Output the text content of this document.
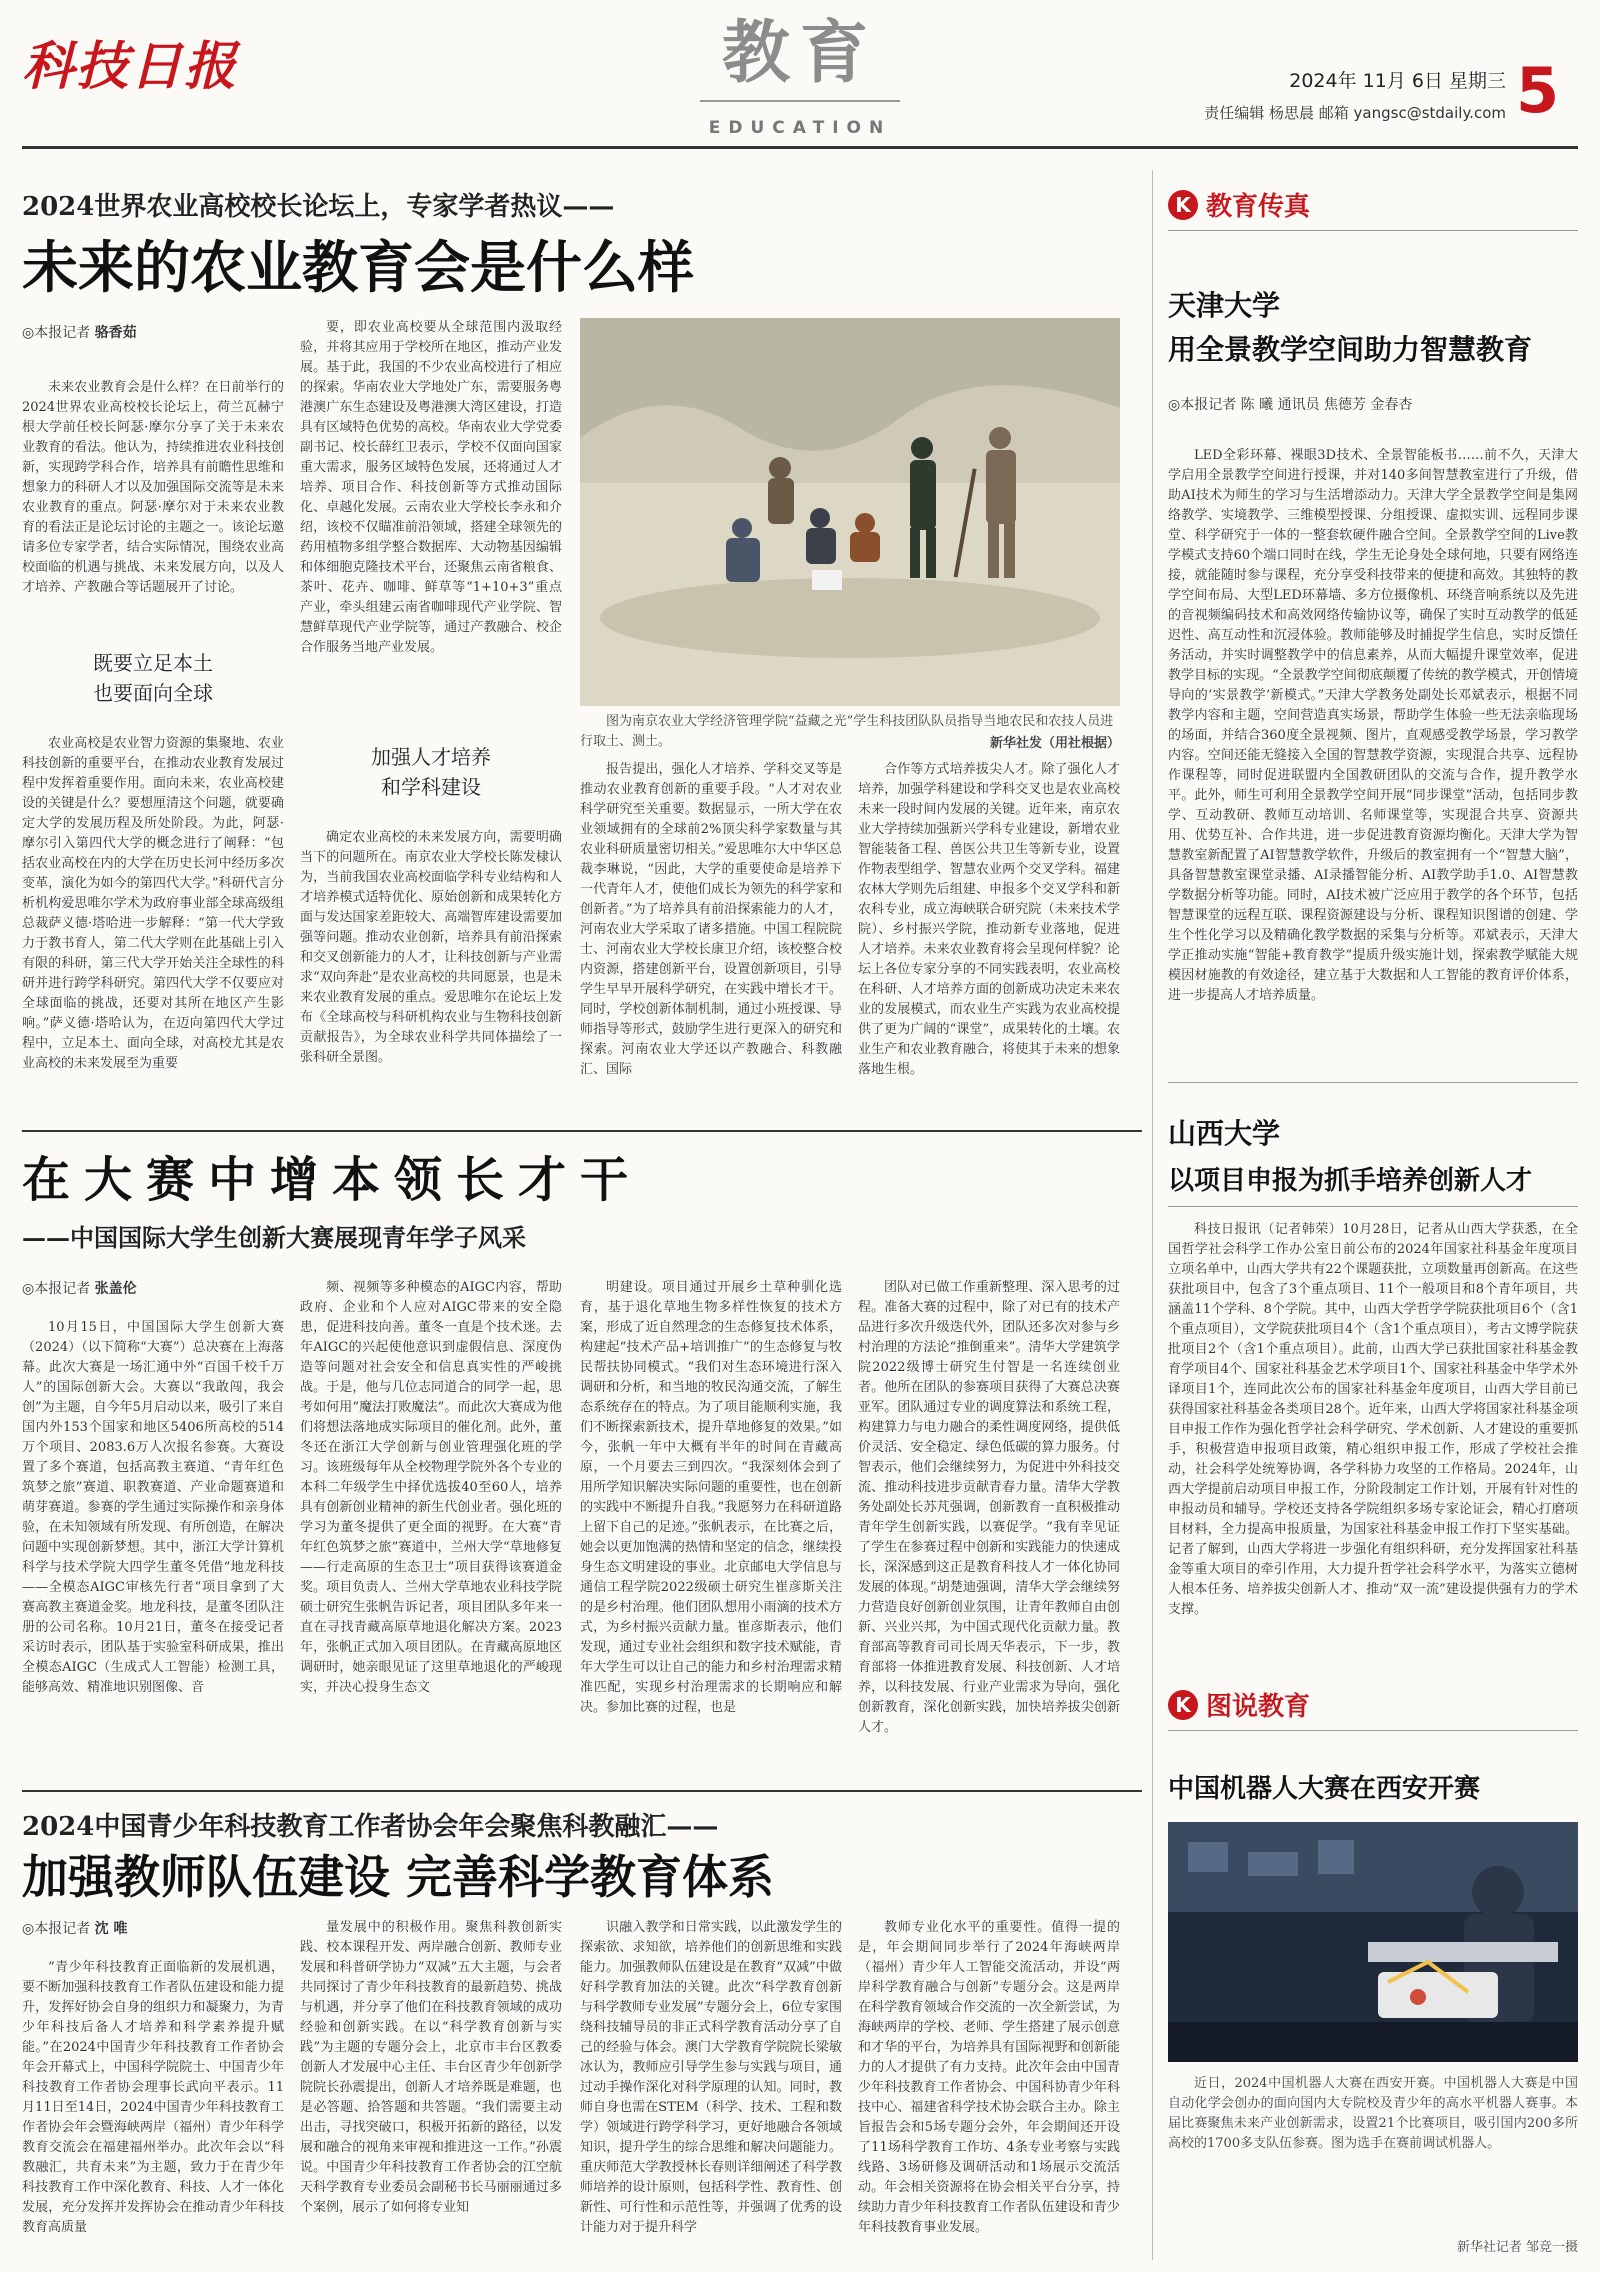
科技日报	教育
EDUCATION
2024年 11月 6日 星期三
责任编辑 杨思晨 邮箱 yangsc@stdaily.com 5
2024世界农业高校校长论坛上，专家学者热议——
未来的农业教育会是什么样
◎本报记者 骆香茹
未来农业教育会是什么样？在日前举行的2024世界农业高校校长论坛上，荷兰瓦赫宁根大学前任校长阿瑟·摩尔分享了关于未来农业教育的看法。他认为，持续推进农业科技创新，实现跨学科合作，培养具有前瞻性思维和想象力的科研人才以及加强国际交流等是未来农业教育的重点。阿瑟·摩尔对于未来农业教育的看法正是论坛讨论的主题之一。该论坛邀请多位专家学者，结合实际情况，围绕农业高校面临的机遇与挑战、未来发展方向，以及人才培养、产教融合等话题展开了讨论。
既要立足本土
也要面向全球
农业高校是农业智力资源的集聚地、农业科技创新的重要平台，在推动农业教育发展过程中发挥着重要作用。面向未来，农业高校建设的关键是什么？要想厘清这个问题，就要确定大学的发展历程及所处阶段。为此，阿瑟·摩尔引入第四代大学的概念进行了阐释：“包括农业高校在内的大学在历史长河中经历多次变革，演化为如今的第四代大学。”科研代言分析机构爱思唯尔学术为政府事业部全球高级组总裁萨义德·塔哈进一步解释：“第一代大学致力于教书育人，第二代大学则在此基础上引入有限的科研，第三代大学开始关注全球性的科研并进行跨学科研究。第四代大学不仅要应对全球面临的挑战，还要对其所在地区产生影响。”萨义德·塔哈认为，在迈向第四代大学过程中，立足本土、面向全球，对高校尤其是农业高校的未来发展至为重要
要，即农业高校要从全球范围内汲取经验，并将其应用于学校所在地区，推动产业发展。基于此，我国的不少农业高校进行了相应的探索。华南农业大学地处广东，需要服务粤港澳广东生态建设及粤港澳大湾区建设，打造具有区域特色优势的高校。华南农业大学党委副书记、校长薛红卫表示，学校不仅面向国家重大需求，服务区域特色发展，还将通过人才培养、项目合作、科技创新等方式推动国际化、卓越化发展。云南农业大学校长李永和介绍，该校不仅瞄准前沿领域，搭建全球领先的药用植物多组学整合数据库、大动物基因编辑和体细胞克隆技术平台，还聚焦云南省粮食、茶叶、花卉、咖啡、鲜草等“1+10+3”重点产业，牵头组建云南省咖啡现代产业学院、智慧鲜草现代产业学院等，通过产教融合、校企合作服务当地产业发展。
加强人才培养
和学科建设
确定农业高校的未来发展方向，需要明确当下的问题所在。南京农业大学校长陈发棣认为，当前我国农业高校面临学科专业结构和人才培养模式适特优化、原始创新和成果转化方面与发达国家差距较大、高端智库建设需要加强等问题。推动农业创新，培养具有前沿探索和交叉创新能力的人才，让科技创新与产业需求“双向奔赴”是农业高校的共同愿景，也是未来农业教育发展的重点。爱思唯尔在论坛上发布《全球高校与科研机构农业与生物科技创新贡献报告》，为全球农业科学共同体描绘了一张科研全景图。
图为南京农业大学经济管理学院“益藏之光”学生科技团队队员指导当地农民和农技人员进行取土、测土。	新华社发（用社根据）
报告提出，强化人才培养、学科交叉等是推动农业教育创新的重要手段。“人才对农业科学研究至关重要。数据显示，一所大学在农业领域拥有的全球前2%顶尖科学家数量与其农业科研质量密切相关。”爱思唯尔大中华区总裁李琳说，“因此，大学的重要使命是培养下一代青年人才，使他们成长为领先的科学家和创新者。”为了培养具有前沿探索能力的人才，河南农业大学采取了诸多措施。中国工程院院士、河南农业大学校长康卫介绍，该校整合校内资源，搭建创新平台，设置创新项目，引导学生早早开展科学研究，在实践中增长才干。同时，学校创新体制机制，通过小班授课、导师指导等形式，鼓励学生进行更深入的研究和探索。河南农业大学还以产教融合、科教融汇、国际
合作等方式培养拔尖人才。除了强化人才培养，加强学科建设和学科交叉也是农业高校未来一段时间内发展的关键。近年来，南京农业大学持续加强新兴学科专业建设，新增农业智能装备工程、兽医公共卫生等新专业，设置作物表型组学、智慧农业两个交叉学科。福建农林大学则先后组建、申报多个交叉学科和新农科专业，成立海峡联合研究院（未来技术学院）、乡村振兴学院，推动新专业落地，促进人才培养。未来农业教育将会呈现何样貌？论坛上各位专家分享的不同实践表明，农业高校在科研、人才培养方面的创新成功决定未来农业的发展模式，而农业生产实践为农业高校提供了更为广阔的“课堂”，成果转化的土壤。农业生产和农业教育融合，将使其于未来的想象落地生根。
在大赛中增本领长才干
——中国国际大学生创新大赛展现青年学子风采
◎本报记者 张盖伦
10月15日，中国国际大学生创新大赛（2024）（以下简称“大赛”）总决赛在上海落幕。此次大赛是一场汇通中外“百国千校千万人”的国际创新大会。大赛以“我敢闯，我会创”为主题，自今年5月启动以来，吸引了来自国内外153个国家和地区5406所高校的514万个项目、2083.6万人次报名参赛。大赛设置了多个赛道，包括高教主赛道、“青年红色筑梦之旅”赛道、职教赛道、产业命题赛道和萌芽赛道。参赛的学生通过实际操作和亲身体验，在未知领域有所发现、有所创造，在解决问题中实现创新梦想。其中，浙江大学计算机科学与技术学院大四学生董冬凭借“地龙科技——全模态AIGC审核先行者”项目拿到了大赛高教主赛道金奖。地龙科技，是董冬团队注册的公司名称。10月21日，董冬在接受记者采访时表示，团队基于实验室科研成果，推出全模态AIGC（生成式人工智能）检测工具，能够高效、精准地识别图像、音
频、视频等多种模态的AIGC内容，帮助政府、企业和个人应对AIGC带来的安全隐患，促进科技向善。董冬一直是个技术迷。去年AIGC的兴起使他意识到虚假信息、深度伪造等问题对社会安全和信息真实性的严峻挑战。于是，他与几位志同道合的同学一起，思考如何用“魔法打败魔法”。而此次大赛成为他们将想法落地成实际项目的催化剂。此外，董冬还在浙江大学创新与创业管理强化班的学习。该班级每年从全校物理学院外各个专业的本科二年级学生中择优选拔40至60人，培养具有创新创业精神的新生代创业者。强化班的学习为董冬提供了更全面的视野。在大赛“青年红色筑梦之旅”赛道中，兰州大学“草地修复——行走高原的生态卫士”项目获得该赛道金奖。项目负责人、兰州大学草地农业科技学院硕士研究生张帆告诉记者，项目团队多年来一直在寻找青藏高原草地退化解决方案。2023年，张帆正式加入项目团队。在青藏高原地区调研时，她亲眼见证了这里草地退化的严峻现实，并决心投身生态文
明建设。项目通过开展乡土草种驯化选育，基于退化草地生物多样性恢复的技术方案，形成了近自然理念的生态修复技术体系，构建起“技术产品+培训推广”的生态修复与牧民帮扶协同模式。“我们对生态环境进行深入调研和分析，和当地的牧民沟通交流，了解生态系统存在的特点。为了项目能顺利实施，我们不断探索新技术，提升草地修复的效果。”如今，张帆一年中大概有半年的时间在青藏高原，一个月要去三到四次。“我深刻体会到了用所学知识解决实际问题的重要性，也在创新的实践中不断提升自我。”我愿努力在科研道路上留下自己的足迹。”张帆表示，在比赛之后，她会以更加饱满的热情和坚定的信念，继续投身生态文明建设的事业。北京邮电大学信息与通信工程学院2022级硕士研究生崔彦斯关注的是乡村治理。他们团队想用小雨滴的技术方式，为乡村振兴贡献力量。崔彦斯表示，他们发现，通过专业社会组织和数字技术赋能，青年大学生可以让自己的能力和乡村治理需求精准匹配，实现乡村治理需求的长期响应和解决。参加比赛的过程，也是
团队对已做工作重新整理、深入思考的过程。准备大赛的过程中，除了对已有的技术产品进行多次升级迭代外，团队还多次对参与乡村治理的方法论“推倒重来”。清华大学建筑学院2022级博士研究生付智是一名连续创业者。他所在团队的参赛项目获得了大赛总决赛亚军。团队通过专业的调度算法和系统工程，构建算力与电力融合的柔性调度网络，提供低价灵活、安全稳定、绿色低碳的算力服务。付智表示，他们会继续努力，为促进中外科技交流、推动科技进步贡献青春力量。清华大学教务处副处长苏芃强调，创新教育一直积极推动青年学生创新实践，以赛促学。“我有幸见证了学生在参赛过程中创新和实践能力的快速成长，深深感到这正是教育科技人才一体化协同发展的体现。”胡楚迪强调，清华大学会继续努力营造良好创新创业氛围，让青年教师自由创新、兴业兴邦，为中国式现代化贡献力量。教育部高等教育司司长周天华表示，下一步，教育部将一体推进教育发展、科技创新、人才培养，以科技发展、行业产业需求为导向，强化创新教育，深化创新实践，加快培养拔尖创新人才。
2024中国青少年科技教育工作者协会年会聚焦科教融汇——
加强教师队伍建设 完善科学教育体系
◎本报记者 沈 唯
“青少年科技教育正面临新的发展机遇，要不断加强科技教育工作者队伍建设和能力提升，发挥好协会自身的组织力和凝聚力，为青少年科技后备人才培养和科学素养提升赋能。”在2024中国青少年科技教育工作者协会年会开幕式上，中国科学院院士、中国青少年科技教育工作者协会理事长武向平表示。11月11日至14日，2024中国青少年科技教育工作者协会年会暨海峡两岸（福州）青少年科学教育交流会在福建福州举办。此次年会以“科教融汇，共育未来”为主题，致力于在青少年科技教育工作中深化教育、科技、人才一体化发展，充分发挥并发挥协会在推动青少年科技教育高质量
量发展中的积极作用。聚焦科教创新实践、校本课程开发、两岸融合创新、教师专业发展和科普研学协力“双减”五大主题，与会者共同探讨了青少年科技教育的最新趋势、挑战与机遇，并分享了他们在科技教育领域的成功经验和创新实践。在以“科学教育创新与实践”为主题的专题分会上，北京市丰台区教委创新人才发展中心主任、丰台区青少年创新学院院长孙震提出，创新人才培养既是难题，也是必答题、拾答题和共答题。“我们需要主动出击，寻找突破口，积极开拓新的路径，以发展和融合的视角来审视和推进这一工作。”孙震说。中国青少年科技教育工作者协会的江空航天科学教育专业委员会副秘书长马丽丽通过多个案例，展示了如何将专业知
识融入教学和日常实践，以此激发学生的探索欲、求知欲，培养他们的创新思维和实践能力。加强教师队伍建设是在教育“双减”中做好科学教育加法的关键。此次“科学教育创新与科学教师专业发展”专题分会上，6位专家围绕科技辅导员的非正式科学教育活动分享了自己的经验与体会。澳门大学教育学院院长梁敏冰认为，教师应引导学生参与实践与项目，通过动手操作深化对科学原理的认知。同时，教师自身也需在STEM（科学、技术、工程和数学）领域进行跨学科学习，更好地融合各领域知识，提升学生的综合思维和解决问题能力。重庆师范大学教授林长春则详细阐述了科学教师培养的设计原则，包括科学性、教育性、创新性、可行性和示范性等，并强调了优秀的设计能力对于提升科学
教师专业化水平的重要性。值得一提的是，年会期间同步举行了2024年海峡两岸（福州）青少年人工智能交流活动，并设“两岸科学教育融合与创新”专题分会。这是两岸在科学教育领域合作交流的一次全新尝试，为海峡两岸的学校、老师、学生搭建了展示创意和才华的平台，为培养具有国际视野和创新能力的人才提供了有力支持。此次年会由中国青少年科技教育工作者协会、中国科协青少年科技中心、福建省科学技术协会联合主办。除主旨报告会和5场专题分会外，年会期间还开设了11场科学教育工作坊、4条专业考察与实践线路、3场研修及调研活动和1场展示交流活动。年会相关资源将在协会相关平台分享，持续助力青少年科技教育工作者队伍建设和青少年科技教育事业发展。
K 教育传真
天津大学
用全景教学空间助力智慧教育
◎本报记者 陈 曦 通讯员 焦德芳 金春杏
LED全彩环幕、裸眼3D技术、全景智能板书……前不久，天津大学启用全景教学空间进行授课，并对140多间智慧教室进行了升级，借助AI技术为师生的学习与生活增添动力。天津大学全景教学空间是集网络教学、实境教学、三维模型授课、分组授课、虚拟实训、远程同步课堂、科学研究于一体的一整套软硬件融合空间。全景教学空间的Live教学模式支持60个端口同时在线，学生无论身处全球何地，只要有网络连接，就能随时参与课程，充分享受科技带来的便捷和高效。其独特的教学空间布局、大型LED环幕墙、多方位摄像机、环绕音响系统以及先进的音视频编码技术和高效网络传输协议等，确保了实时互动教学的低延迟性、高互动性和沉浸体验。教师能够及时捕捉学生信息，实时反馈任务活动，并实时调整教学中的信息素养，从而大幅提升课堂效率，促进教学目标的实现。“全景教学空间彻底颠覆了传统的教学模式，开创情境导向的‘实景教学’新模式。”天津大学教务处副处长邓斌表示，根据不同教学内容和主题，空间营造真实场景，帮助学生体验一些无法亲临现场的场面，并结合360度全景视频、图片，直观感受教学场景，学习教学内容。空间还能无缝接入全国的智慧教学资源，实现混合共享、远程协作课程等，同时促进联盟内全国教研团队的交流与合作，提升教学水平。此外，师生可利用全景教学空间开展“同步课堂”活动，包括同步教学、互动教研、教师互动培训、名师课堂等，实现混合共享、资源共用、优势互补、合作共进，进一步促进教育资源均衡化。天津大学为智慧教室新配置了AI智慧教学软件，升级后的教室拥有一个“智慧大脑”，具备智慧教室课堂录播、AI录播智能分析、AI教学助手1.0、AI智慧教学数据分析等功能。同时，AI技术被广泛应用于教学的各个环节，包括智慧课堂的远程互联、课程资源建设与分析、课程知识图谱的创建、学生个性化学习以及精确化教学数据的采集与分析等。邓斌表示，天津大学正推动实施“智能+教育教学”提质升级实施计划，探索教学赋能大规模因材施教的有效途径，建立基于大数据和人工智能的教育评价体系，进一步提高人才培养质量。
山西大学
以项目申报为抓手培养创新人才
科技日报讯（记者韩荣）10月28日，记者从山西大学获悉，在全国哲学社会科学工作办公室日前公布的2024年国家社科基金年度项目立项名单中，山西大学共有22个课题获批，立项数量再创新高。在这些获批项目中，包含了3个重点项目、11个一般项目和8个青年项目，共涵盖11个学科、8个学院。其中，山西大学哲学学院获批项目6个（含1个重点项目），文学院获批项目4个（含1个重点项目），考古文博学院获批项目2个（含1个重点项目）。此前，山西大学已获批国家社科基金教育学项目4个、国家社科基金艺术学项目1个、国家社科基金中华学术外译项目1个，连同此次公布的国家社科基金年度项目，山西大学目前已获得国家社科基金各类项目28个。近年来，山西大学将国家社科基金项目申报工作作为强化哲学社会科学研究、学术创新、人才建设的重要抓手，积极营造申报项目政策，精心组织申报工作，形成了学校社会推动，社会科学处统筹协调，各学科协力攻坚的工作格局。2024年，山西大学提前启动项目申报工作，分阶段制定工作计划，开展有针对性的申报动员和辅导。学校还支持各学院组织多场专家论证会，精心打磨项目材料，全力提高申报质量，为国家社科基金申报工作打下坚实基础。记者了解到，山西大学将进一步强化有组织科研，充分发挥国家社科基金等重大项目的牵引作用，大力提升哲学社会科学水平，为落实立德树人根本任务、培养拔尖创新人才、推动“双一流”建设提供强有力的学术支撑。
K 图说教育
中国机器人大赛在西安开赛
近日，2024中国机器人大赛在西安开赛。中国机器人大赛是中国自动化学会创办的面向国内大专院校及青少年的高水平机器人赛事。本届比赛聚焦未来产业创新需求，设置21个比赛项目，吸引国内200多所高校的1700多支队伍参赛。图为选手在赛前调试机器人。
新华社记者 邹竞一摄
